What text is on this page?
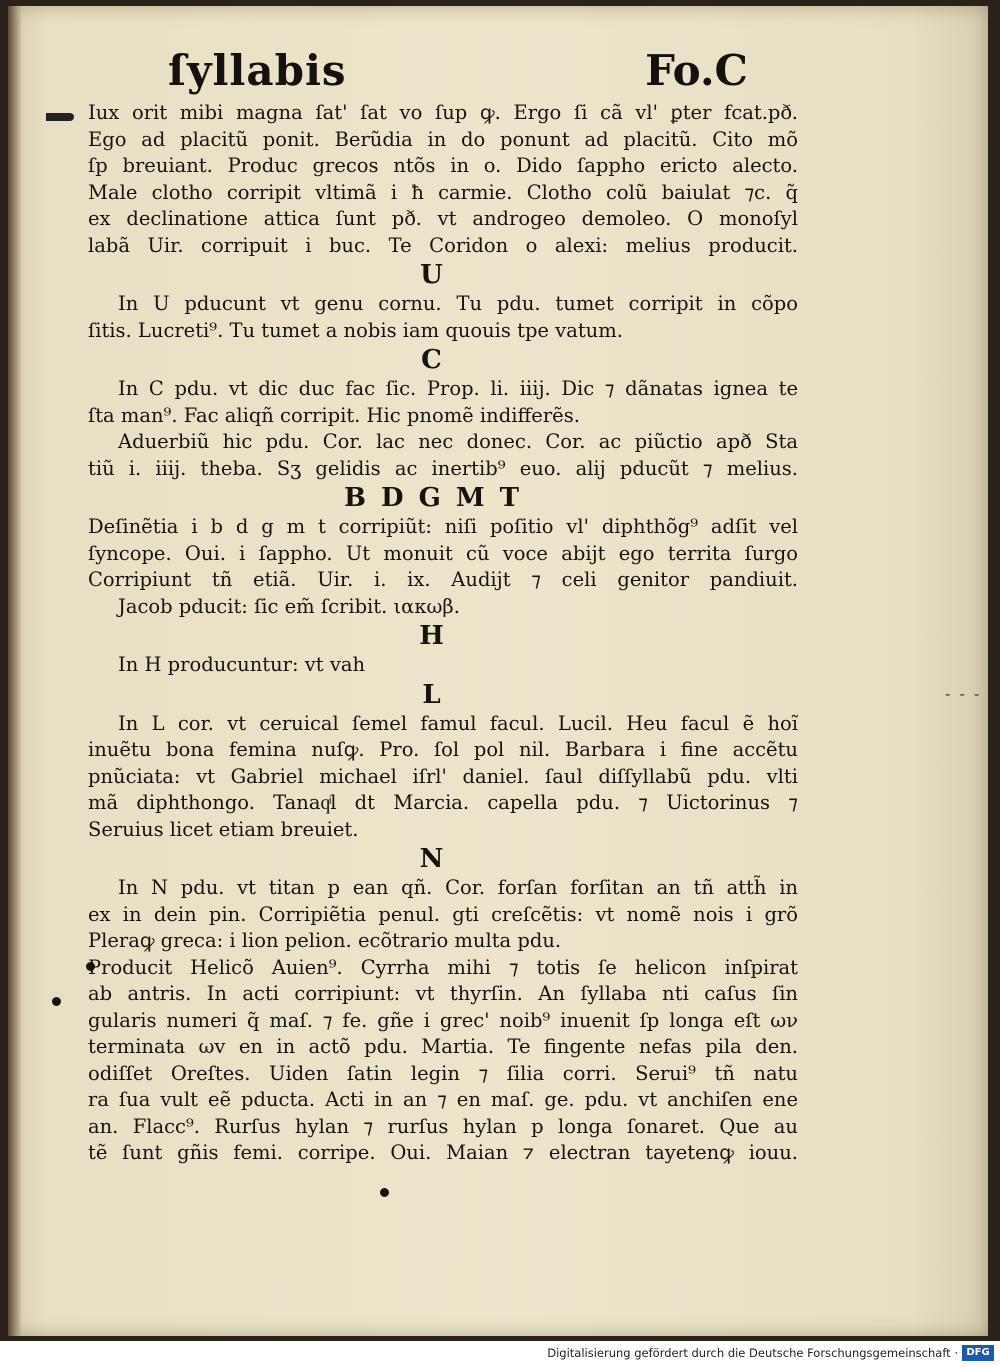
ſyllabis	Fo.C
- - -
Iux orit mibi magna ſat' ſat vo ſup ꝙ. Ergo ſi cã vl' ꝑter fcat.pð.
Ego ad placitũ ponit. Berũdia in do ponunt ad placitũ. Cito mõ
ſp breuiant. Produc grecos ntõs in o. Dido ſappho ericto alecto.
Male clotho corripit vltimã i ħ carmie. Clotho colũ baiulat ⁊c. q̃
ex declinatione attica ſunt pð. vt androgeo demoleo. O monoſyl
labã Uir. corripuit i buc. Te Coridon o alexi: melius producit.
U
In U pducunt vt genu cornu. Tu pdu. tumet corripit in cõpo
ſitis. Lucreti⁹. Tu tumet a nobis iam quouis tpe vatum.
C
In C pdu. vt dic duc fac ſic. Prop. li. iiij. Dic ⁊ dãnatas ignea te
ſta man⁹. Fac aliqñ corripit. Hic pnomẽ indifferẽs.
Aduerbiũ hic pdu. Cor. lac nec donec. Cor. ac piũctio apð Sta
tiũ i. iiij. theba. Sʒ gelidis ac inertib⁹ euo. alij pducũt ⁊ melius.
B D G M T
Deſinẽtia i b d g m t corripiũt: niſi poſitio vl' diphthõg⁹ adſit vel
ſyncope. Oui. i ſappho. Ut monuit cũ voce abijt ego territa ſurgo
Corripiunt tñ etiã. Uir. i. ix. Audijt ⁊ celi genitor pandiuit.
Jacob pducit: ſic em̃ ſcribit. ιακωβ.
H
In H producuntur: vt vah
L
In L cor. vt ceruical ſemel famul facul. Lucil. Heu facul ẽ hoĩ
inuẽtu bona femina nuſꝙ. Pro. ſol pol nil. Barbara i fine accẽtu
pnũciata: vt Gabriel michael iſrl' daniel. ſaul diſſyllabũ pdu. vlti
mã diphthongo. Tanaqͥl dt Marcia. capella pdu. ⁊ Uictorinus ⁊
Seruius licet etiam breuiet.
N
In N pdu. vt titan p ean qñ. Cor. forſan forſitan an tñ atth̃ in
ex in dein pin. Corripiẽtia penul. gti creſcẽtis: vt nomẽ nois i grõ
Pleraꝙ greca: i lion pelion. ecõtrario multa pdu.
Producit Helicõ Auien⁹. Cyrrha mihi ⁊ totis ſe helicon inſpirat
ab antris. In acti corripiunt: vt thyrſin. An ſyllaba nti caſus ſin
gularis numeri q̃ maſ. ⁊ fe. gñe i grec' noib⁹ inuenit ſp longa eſt ων
terminata ωv en in actõ pdu. Martia. Te fingente nefas pila den.
odiſſet Oreſtes. Uiden ſatin legin ⁊ ſilia corri. Serui⁹ tñ natu
ra ſua vult eẽ pducta. Acti in an ⁊ en maſ. ge. pdu. vt anchiſen ene
an. Flacc⁹. Rurſus hylan ⁊ rurſus hylan p longa ſonaret. Que au
tẽ ſunt gñis femi. corripe. Oui. Maian ⁊ electran tayetenꝙ iouu.
Digitalisierung gefördert durch die Deutsche Forschungsgemeinschaft · DFG
